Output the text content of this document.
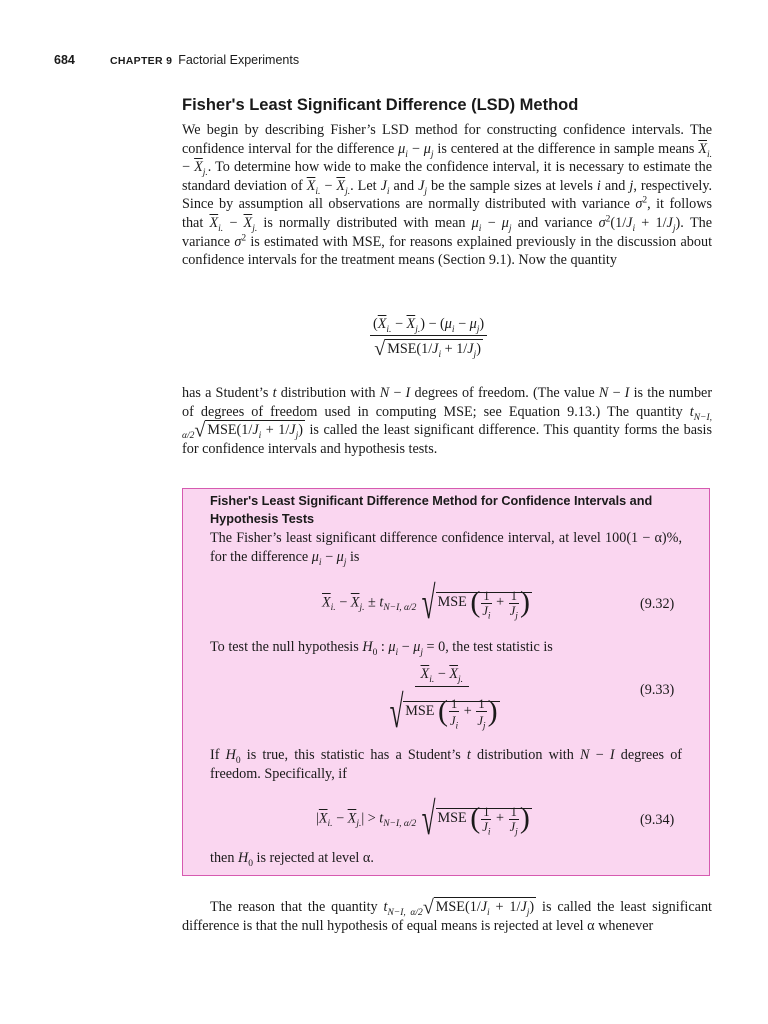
684	CHAPTER 9 Factorial Experiments
Fisher's Least Significant Difference (LSD) Method
We begin by describing Fisher’s LSD method for constructing confidence intervals. The confidence interval for the difference $\mu_i - \mu_j$ is centered at the difference in sample means $\overline{X}_{i.} - \overline{X}_{j.}$. To determine how wide to make the confidence interval, it is necessary to estimate the standard deviation of $\overline{X}_{i.} - \overline{X}_{j.}$. Let $J_i$ and $J_j$ be the sample sizes at levels i and j, respectively. Since by assumption all observations are normally distributed with variance $\sigma^2$, it follows that $\overline{X}_{i.} - \overline{X}_{j.}$ is normally distributed with mean $\mu_i - \mu_j$ and variance $\sigma^2(1/J_i + 1/J_j)$. The variance $\sigma^2$ is estimated with MSE, for reasons explained previously in the discussion about confidence intervals for the treatment means (Section 9.1). Now the quantity
$\frac{(\overline{X}_{i.} - \overline{X}_{j.}) - (\mu_i - \mu_j)}{√ MSE(1/J_i + 1/J_j)}$
has a Student’s t distribution with N − I degrees of freedom. (The value N − I is the number of degrees of freedom used in computing MSE; see Equation 9.13.) The quantity $t_{N-I, \alpha/2}√$ $MSE(1/J_i + 1/J_j)$ is called the least significant difference. This quantity forms the basis for confidence intervals and hypothesis tests.
Fisher's Least Significant Difference Method for Confidence Intervals and Hypothesis Tests
The Fisher’s least significant difference confidence interval, at level 100(1 − α)%, for the difference $\mu_i - \mu_j$ is
$\overline{X}_{i.} - \overline{X}_{j.} \pm t_{N-I, \alpha/2}$ √ MSE ( $\frac{1}{J_i} + \frac{1}{J_j}$ )	(9.32)
To test the null hypothesis $H_0$ : $\mu_i - \mu_j = 0$, the test statistic is
$\frac{\overline{X}_{i.} - \overline{X}_{j.}}{√ MSE ( \frac{1}{J_i} + \frac{1}{J_j} )}$	(9.33)
If $H_0$ is true, this statistic has a Student’s t distribution with N − I degrees of freedom. Specifically, if
$|\overline{X}_{i.} - \overline{X}_{j.}| > t_{N-I, \alpha/2}$ √ MSE ( $\frac{1}{J_i} + \frac{1}{J_j}$ )	(9.34)
then $H_0$ is rejected at level α.
The reason that the quantity $t_{N-I, \alpha/2}√$ $MSE(1/J_i + 1/J_j)$ is called the least significant difference is that the null hypothesis of equal means is rejected at level α whenever
